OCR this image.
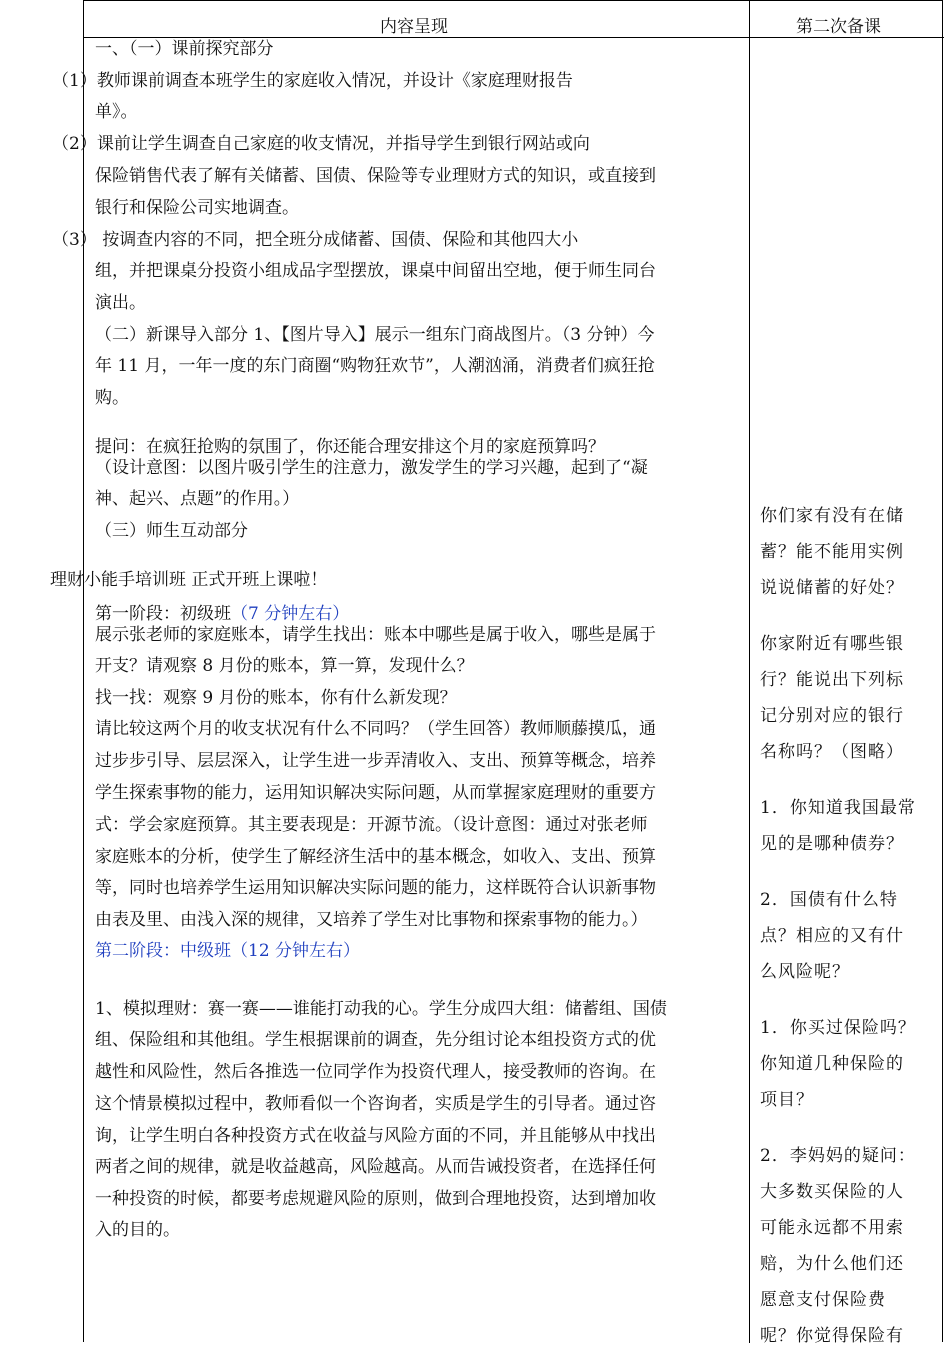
内容呈现	第二次备课
一、（一）课前探究部分
（1）教师课前调查本班学生的家庭收入情况，并设计《家庭理财报告
单》。
（2）课前让学生调查自己家庭的收支情况，并指导学生到银行网站或向
保险销售代表了解有关储蓄、国债、保险等专业理财方式的知识，或直接到
银行和保险公司实地调查。
（3） 按调查内容的不同，把全班分成储蓄、国债、保险和其他四大小
组，并把课桌分投资小组成品字型摆放，课桌中间留出空地，便于师生同台
演出。
（二）新课导入部分 1、【图片导入】展示一组东门商战图片。（3 分钟）今
年 11 月，一年一度的东门商圈“购物狂欢节”，人潮汹涌，消费者们疯狂抢
购。
提问：在疯狂抢购的氛围了，你还能合理安排这个月的家庭预算吗？
（设计意图：以图片吸引学生的注意力，激发学生的学习兴趣，起到了“凝
神、起兴、点题”的作用。）
（三）师生互动部分
理财小能手培训班 正式开班上课啦！
第一阶段：初级班（7 分钟左右）
展示张老师的家庭账本，请学生找出：账本中哪些是属于收入，哪些是属于
开支？请观察 8 月份的账本，算一算，发现什么？
找一找：观察 9 月份的账本，你有什么新发现？
请比较这两个月的收支状况有什么不同吗？（学生回答）教师顺藤摸瓜，通
过步步引导、层层深入，让学生进一步弄清收入、支出、预算等概念，培养
学生探索事物的能力，运用知识解决实际问题，从而掌握家庭理财的重要方
式：学会家庭预算。其主要表现是：开源节流。（设计意图：通过对张老师
家庭账本的分析，使学生了解经济生活中的基本概念，如收入、支出、预算
等，同时也培养学生运用知识解决实际问题的能力，这样既符合认识新事物
由表及里、由浅入深的规律，又培养了学生对比事物和探索事物的能力。）
第二阶段：中级班（12 分钟左右）
1、模拟理财：赛一赛——谁能打动我的心。学生分成四大组：储蓄组、国债
组、保险组和其他组。学生根据课前的调查，先分组讨论本组投资方式的优
越性和风险性，然后各推选一位同学作为投资代理人，接受教师的咨询。在
这个情景模拟过程中，教师看似一个咨询者，实质是学生的引导者。通过咨
询，让学生明白各种投资方式在收益与风险方面的不同，并且能够从中找出
两者之间的规律，就是收益越高，风险越高。从而告诫投资者，在选择任何
一种投资的时候，都要考虑规避风险的原则，做到合理地投资，达到增加收
入的目的。
你们家有没有在储
蓄？能不能用实例
说说储蓄的好处？
你家附近有哪些银
行？能说出下列标
记分别对应的银行
名称吗？（图略）
1．你知道我国最常
见的是哪种债券？
2．国债有什么特
点？相应的又有什
么风险呢？
1．你买过保险吗？
你知道几种保险的
项目？
2．李妈妈的疑问：
大多数买保险的人
可能永远都不用索
赔，为什么他们还
愿意支付保险费
呢？你觉得保险有
